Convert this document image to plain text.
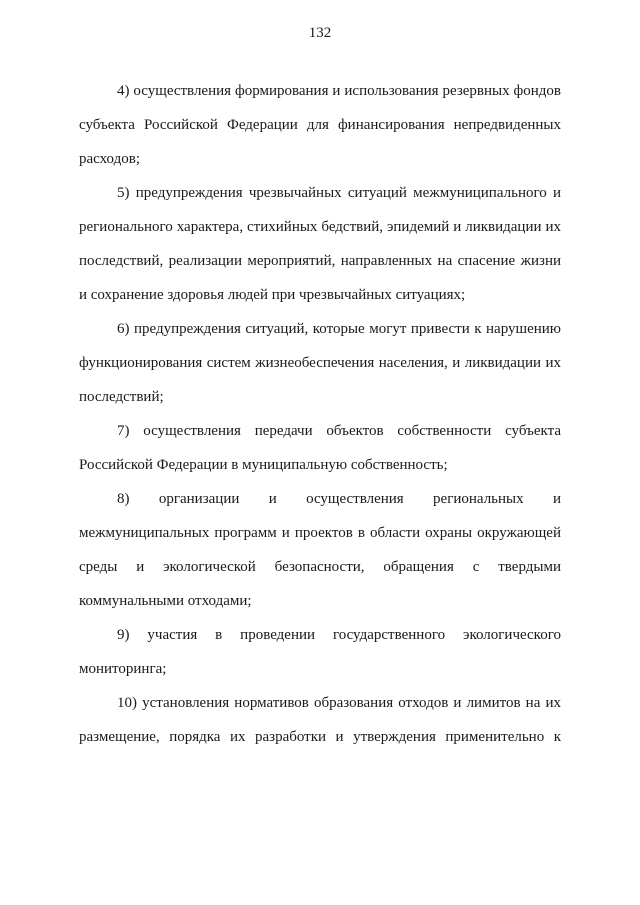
132

4) осуществления формирования и использования резервных фондов субъекта Российской Федерации для финансирования непредвиденных расходов;

5) предупреждения чрезвычайных ситуаций межмуниципального и регионального характера, стихийных бедствий, эпидемий и ликвидации их последствий, реализации мероприятий, направленных на спасение жизни и сохранение здоровья людей при чрезвычайных ситуациях;

6) предупреждения ситуаций, которые могут привести к нарушению функционирования систем жизнеобеспечения населения, и ликвидации их последствий;

7) осуществления передачи объектов собственности субъекта Российской Федерации в муниципальную собственность;

8) организации и осуществления региональных и межмуниципальных программ и проектов в области охраны окружающей среды и экологической безопасности, обращения с твердыми коммунальными отходами;

9) участия в проведении государственного экологического мониторинга;

10) установления нормативов образования отходов и лимитов на их размещение, порядка их разработки и утверждения применительно к
